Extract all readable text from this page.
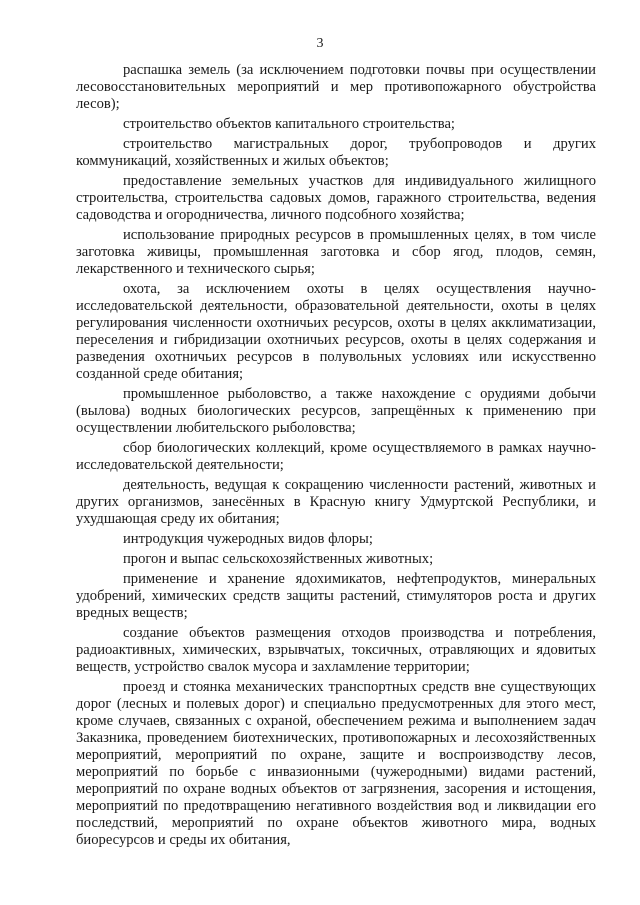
3

распашка земель (за исключением подготовки почвы при осуществлении лесовосстановительных мероприятий и мер противопожарного обустройства лесов);

строительство объектов капитального строительства;

строительство магистральных дорог, трубопроводов и других коммуникаций, хозяйственных и жилых объектов;

предоставление земельных участков для индивидуального жилищного строительства, строительства садовых домов, гаражного строительства, ведения садоводства и огородничества, личного подсобного хозяйства;

использование природных ресурсов в промышленных целях, в том числе заготовка живицы, промышленная заготовка и сбор ягод, плодов, семян, лекарственного и технического сырья;

охота, за исключением охоты в целях осуществления научно-исследовательской деятельности, образовательной деятельности, охоты в целях регулирования численности охотничьих ресурсов, охоты в целях акклиматизации, переселения и гибридизации охотничьих ресурсов, охоты в целях содержания и разведения охотничьих ресурсов в полувольных условиях или искусственно созданной среде обитания;

промышленное рыболовство, а также нахождение с орудиями добычи (вылова) водных биологических ресурсов, запрещённых к применению при осуществлении любительского рыболовства;

сбор биологических коллекций, кроме осуществляемого в рамках научно-исследовательской деятельности;

деятельность, ведущая к сокращению численности растений, животных и других организмов, занесённых в Красную книгу Удмуртской Республики, и ухудшающая среду их обитания;

интродукция чужеродных видов флоры;

прогон и выпас сельскохозяйственных животных;

применение и хранение ядохимикатов, нефтепродуктов, минеральных удобрений, химических средств защиты растений, стимуляторов роста и других вредных веществ;

создание объектов размещения отходов производства и потребления, радиоактивных, химических, взрывчатых, токсичных, отравляющих и ядовитых веществ, устройство свалок мусора и захламление территории;

проезд и стоянка механических транспортных средств вне существующих дорог (лесных и полевых дорог) и специально предусмотренных для этого мест, кроме случаев, связанных с охраной, обеспечением режима и выполнением задач Заказника, проведением биотехнических, противопожарных и лесохозяйственных мероприятий, мероприятий по охране, защите и воспроизводству лесов, мероприятий по борьбе с инвазионными (чужеродными) видами растений, мероприятий по охране водных объектов от загрязнения, засорения и истощения, мероприятий по предотвращению негативного воздействия вод и ликвидации его последствий, мероприятий по охране объектов животного мира, водных биоресурсов и среды их обитания,
